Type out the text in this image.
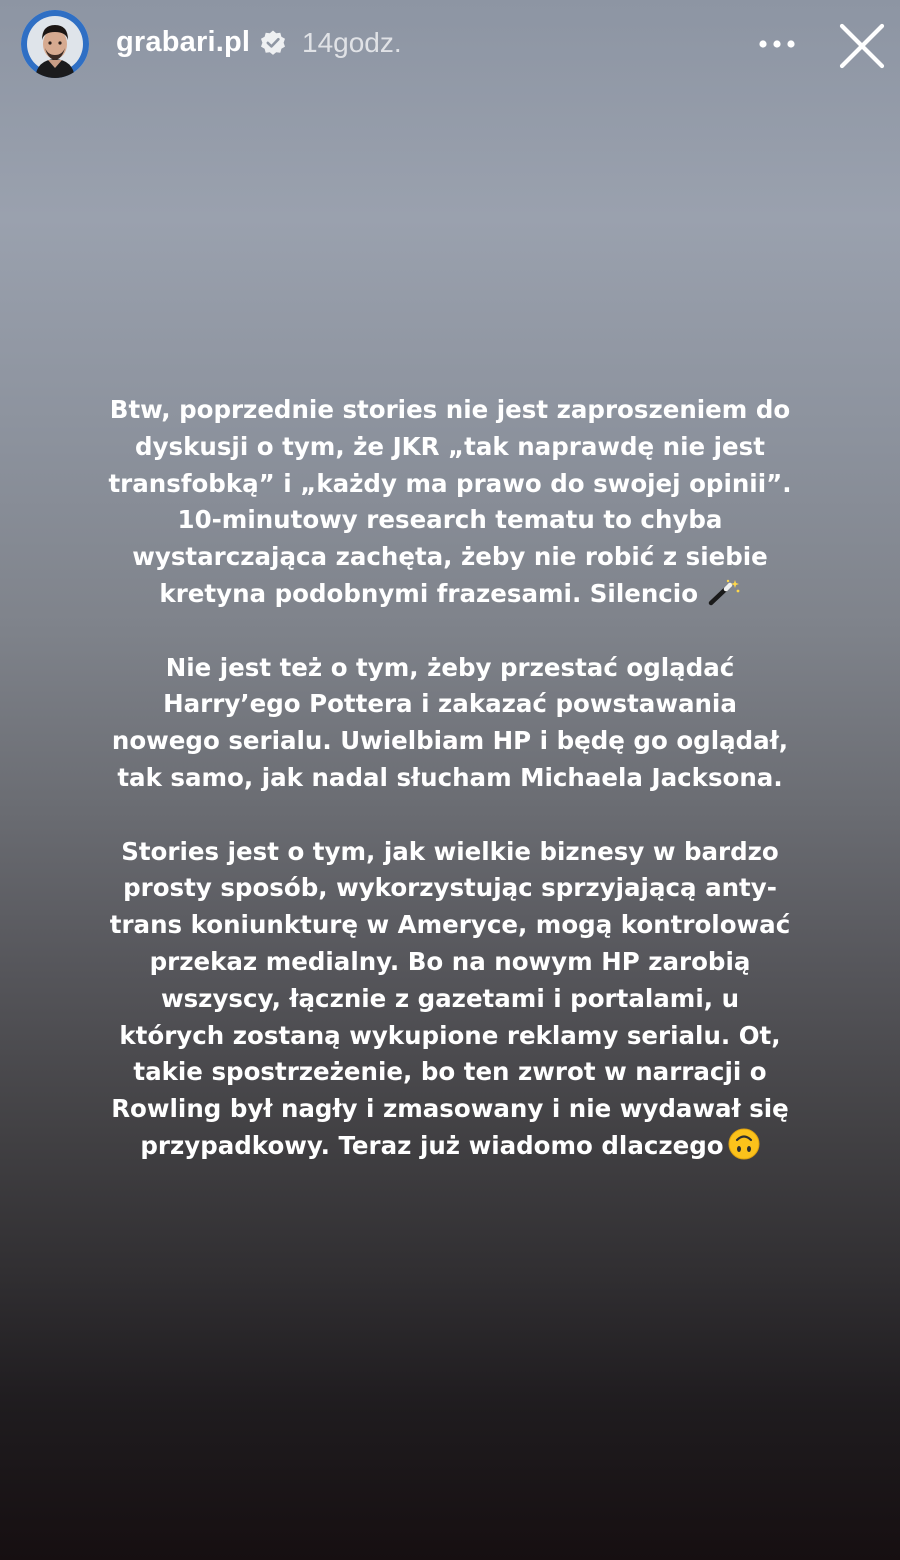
grabari.pl 14godz.

Btw, poprzednie stories nie jest zaproszeniem do
dyskusji o tym, że JKR „tak naprawdę nie jest
transfobką” i „każdy ma prawo do swojej opinii”.
10-minutowy research tematu to chyba
wystarczająca zachęta, żeby nie robić z siebie
kretyna podobnymi frazesami. Silencio

Nie jest też o tym, żeby przestać oglądać
Harry’ego Pottera i zakazać powstawania
nowego serialu. Uwielbiam HP i będę go oglądał,
tak samo, jak nadal słucham Michaela Jacksona.

Stories jest o tym, jak wielkie biznesy w bardzo
prosty sposób, wykorzystując sprzyjającą anty-
trans koniunkturę w Ameryce, mogą kontrolować
przekaz medialny. Bo na nowym HP zarobią
wszyscy, łącznie z gazetami i portalami, u
których zostaną wykupione reklamy serialu. Ot,
takie spostrzeżenie, bo ten zwrot w narracji o
Rowling był nagły i zmasowany i nie wydawał się
przypadkowy. Teraz już wiadomo dlaczego
